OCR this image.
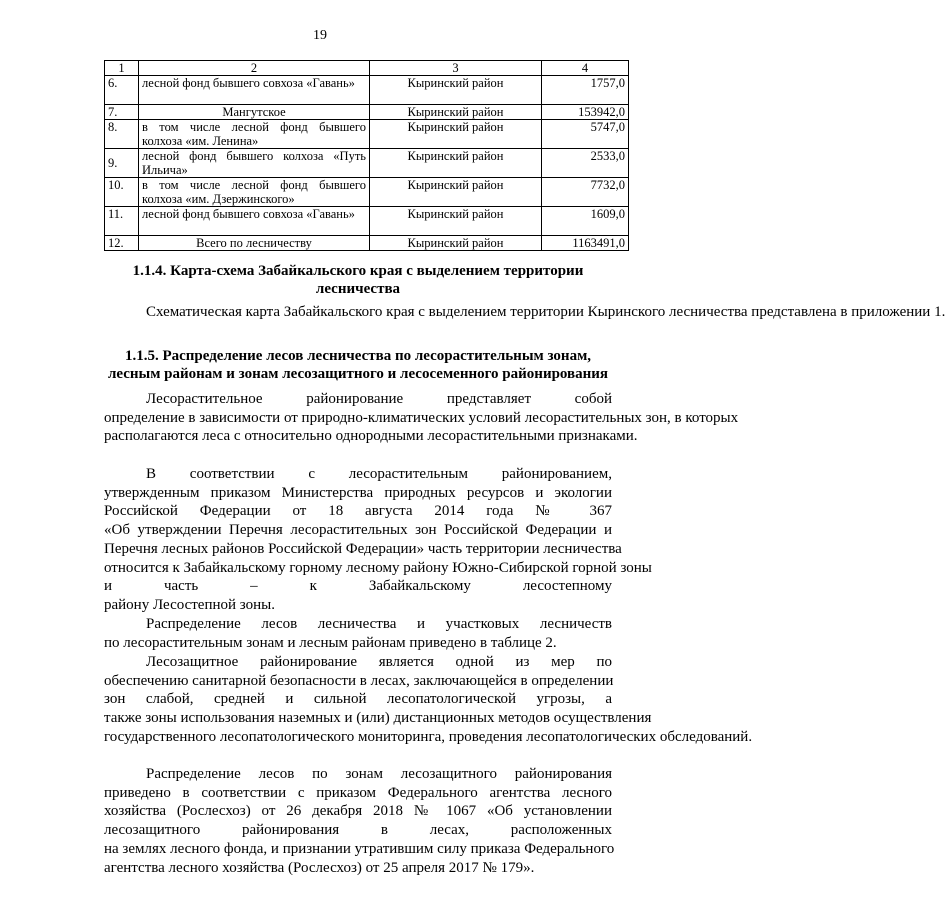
19
1	2	3	4
6.	лесной фонд бывшего совхоза «Гавань»	Кыринский район	1757,0
7.	Мангутское	Кыринский район	153942,0
8.	в том числе лесной фонд бывшего колхоза «им. Ленина»	Кыринский район	5747,0
9.	лесной фонд бывшего колхоза «Путь Ильича»	Кыринский район	2533,0
10.	в том числе лесной фонд бывшего колхоза «им. Дзержинского»	Кыринский район	7732,0
11.	лесной фонд бывшего совхоза «Гавань»	Кыринский район	1609,0
12.	Всего по лесничеству	Кыринский район	1163491,0
1.1.4. Карта-схема Забайкальского края с выделением территории лесничества

Схематическая карта Забайкальского края с выделением территории Кыринского лесничества представлена в приложении 1.

1.1.5. Распределение лесов лесничества по лесорастительным зонам, лесным районам и зонам лесозащитного и лесосеменного районирования

Лесорастительное районирование представляет собой
определение в зависимости от природно-климатических условий лесорастительных зон, в которых
располагаются леса с относительно однородными лесорастительными признаками.

В соответствии с лесорастительным районированием,
утвержденным приказом Министерства природных ресурсов и экологии
Российской Федерации от 18 августа 2014 года № 367
«Об утверждении Перечня лесорастительных зон Российской Федерации и
Перечня лесных районов Российской Федерации» часть территории лесничества
относится к Забайкальскому горному лесному району Южно-Сибирской горной зоны
и часть – к Забайкальскому лесостепному
району Лесостепной зоны.

Распределение лесов лесничества и участковых лесничеств
по лесорастительным зонам и лесным районам приведено в таблице 2.

Лесозащитное районирование является одной из мер по
обеспечению санитарной безопасности в лесах, заключающейся в определении
зон слабой, средней и сильной лесопатологической угрозы, а
также зоны использования наземных и (или) дистанционных методов осуществления
государственного лесопатологического мониторинга, проведения лесопатологических обследований.

Распределение лесов по зонам лесозащитного районирования
приведено в соответствии с приказом Федерального агентства лесного
хозяйства (Рослесхоз) от 26 декабря 2018 № 1067 «Об установлении
лесозащитного районирования в лесах, расположенных
на землях лесного фонда, и признании утратившим силу приказа Федерального
агентства лесного хозяйства (Рослесхоз) от 25 апреля 2017 № 179».
